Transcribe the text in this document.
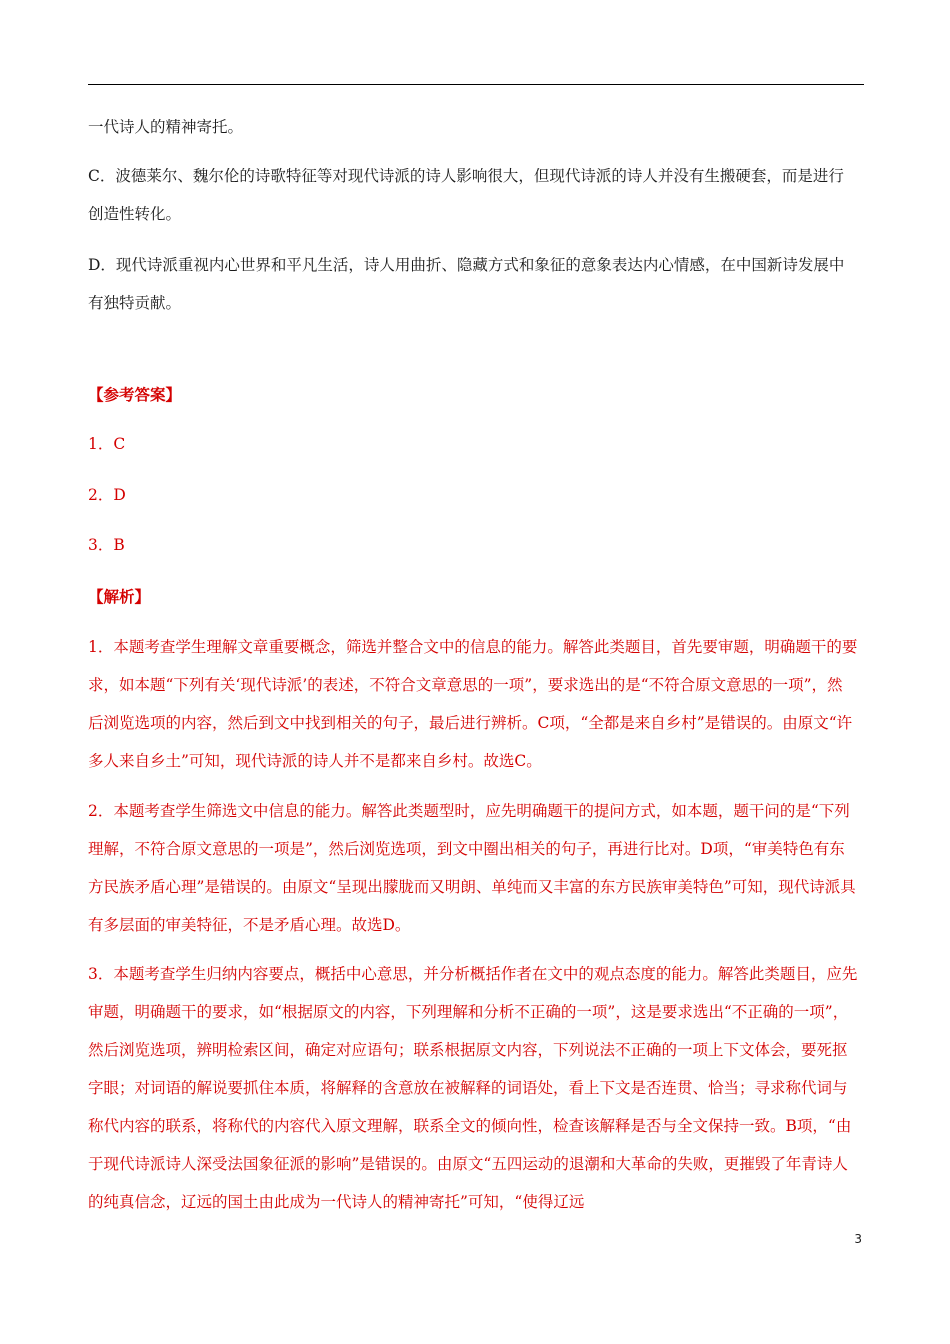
一代诗人的精神寄托。
C．波德莱尔、魏尔伦的诗歌特征等对现代诗派的诗人影响很大，但现代诗派的诗人并没有生搬硬套，而是进行创造性转化。
D．现代诗派重视内心世界和平凡生活，诗人用曲折、隐藏方式和象征的意象表达内心情感，在中国新诗发展中有独特贡献。
【参考答案】
1．C
2．D
3．B
【解析】
1．本题考查学生理解文章重要概念，筛选并整合文中的信息的能力。解答此类题目，首先要审题，明确题干的要求，如本题“下列有关‘现代诗派’的表述，不符合文章意思的一项”，要求选出的是“不符合原文意思的一项”，然后浏览选项的内容，然后到文中找到相关的句子，最后进行辨析。C项，“全都是来自乡村”是错误的。由原文“许多人来自乡土”可知，现代诗派的诗人并不是都来自乡村。故选C。
2．本题考查学生筛选文中信息的能力。解答此类题型时，应先明确题干的提问方式，如本题，题干问的是“下列理解，不符合原文意思的一项是”，然后浏览选项，到文中圈出相关的句子，再进行比对。D项，“审美特色有东方民族矛盾心理”是错误的。由原文“呈现出朦胧而又明朗、单纯而又丰富的东方民族审美特色”可知，现代诗派具有多层面的审美特征，不是矛盾心理。故选D。
3．本题考查学生归纳内容要点，概括中心意思，并分析概括作者在文中的观点态度的能力。解答此类题目，应先审题，明确题干的要求，如“根据原文的内容，下列理解和分析不正确的一项”，这是要求选出“不正确的一项”，然后浏览选项，辨明检索区间，确定对应语句；联系根据原文内容，下列说法不正确的一项上下文体会，要死抠字眼；对词语的解说要抓住本质，将解释的含意放在被解释的词语处，看上下文是否连贯、恰当；寻求称代词与称代内容的联系，将称代的内容代入原文理解，联系全文的倾向性，检查该解释是否与全文保持一致。B项，“由于现代诗派诗人深受法国象征派的影响”是错误的。由原文“五四运动的退潮和大革命的失败，更摧毁了年青诗人的纯真信念，辽远的国土由此成为一代诗人的精神寄托”可知，“使得辽远
3
